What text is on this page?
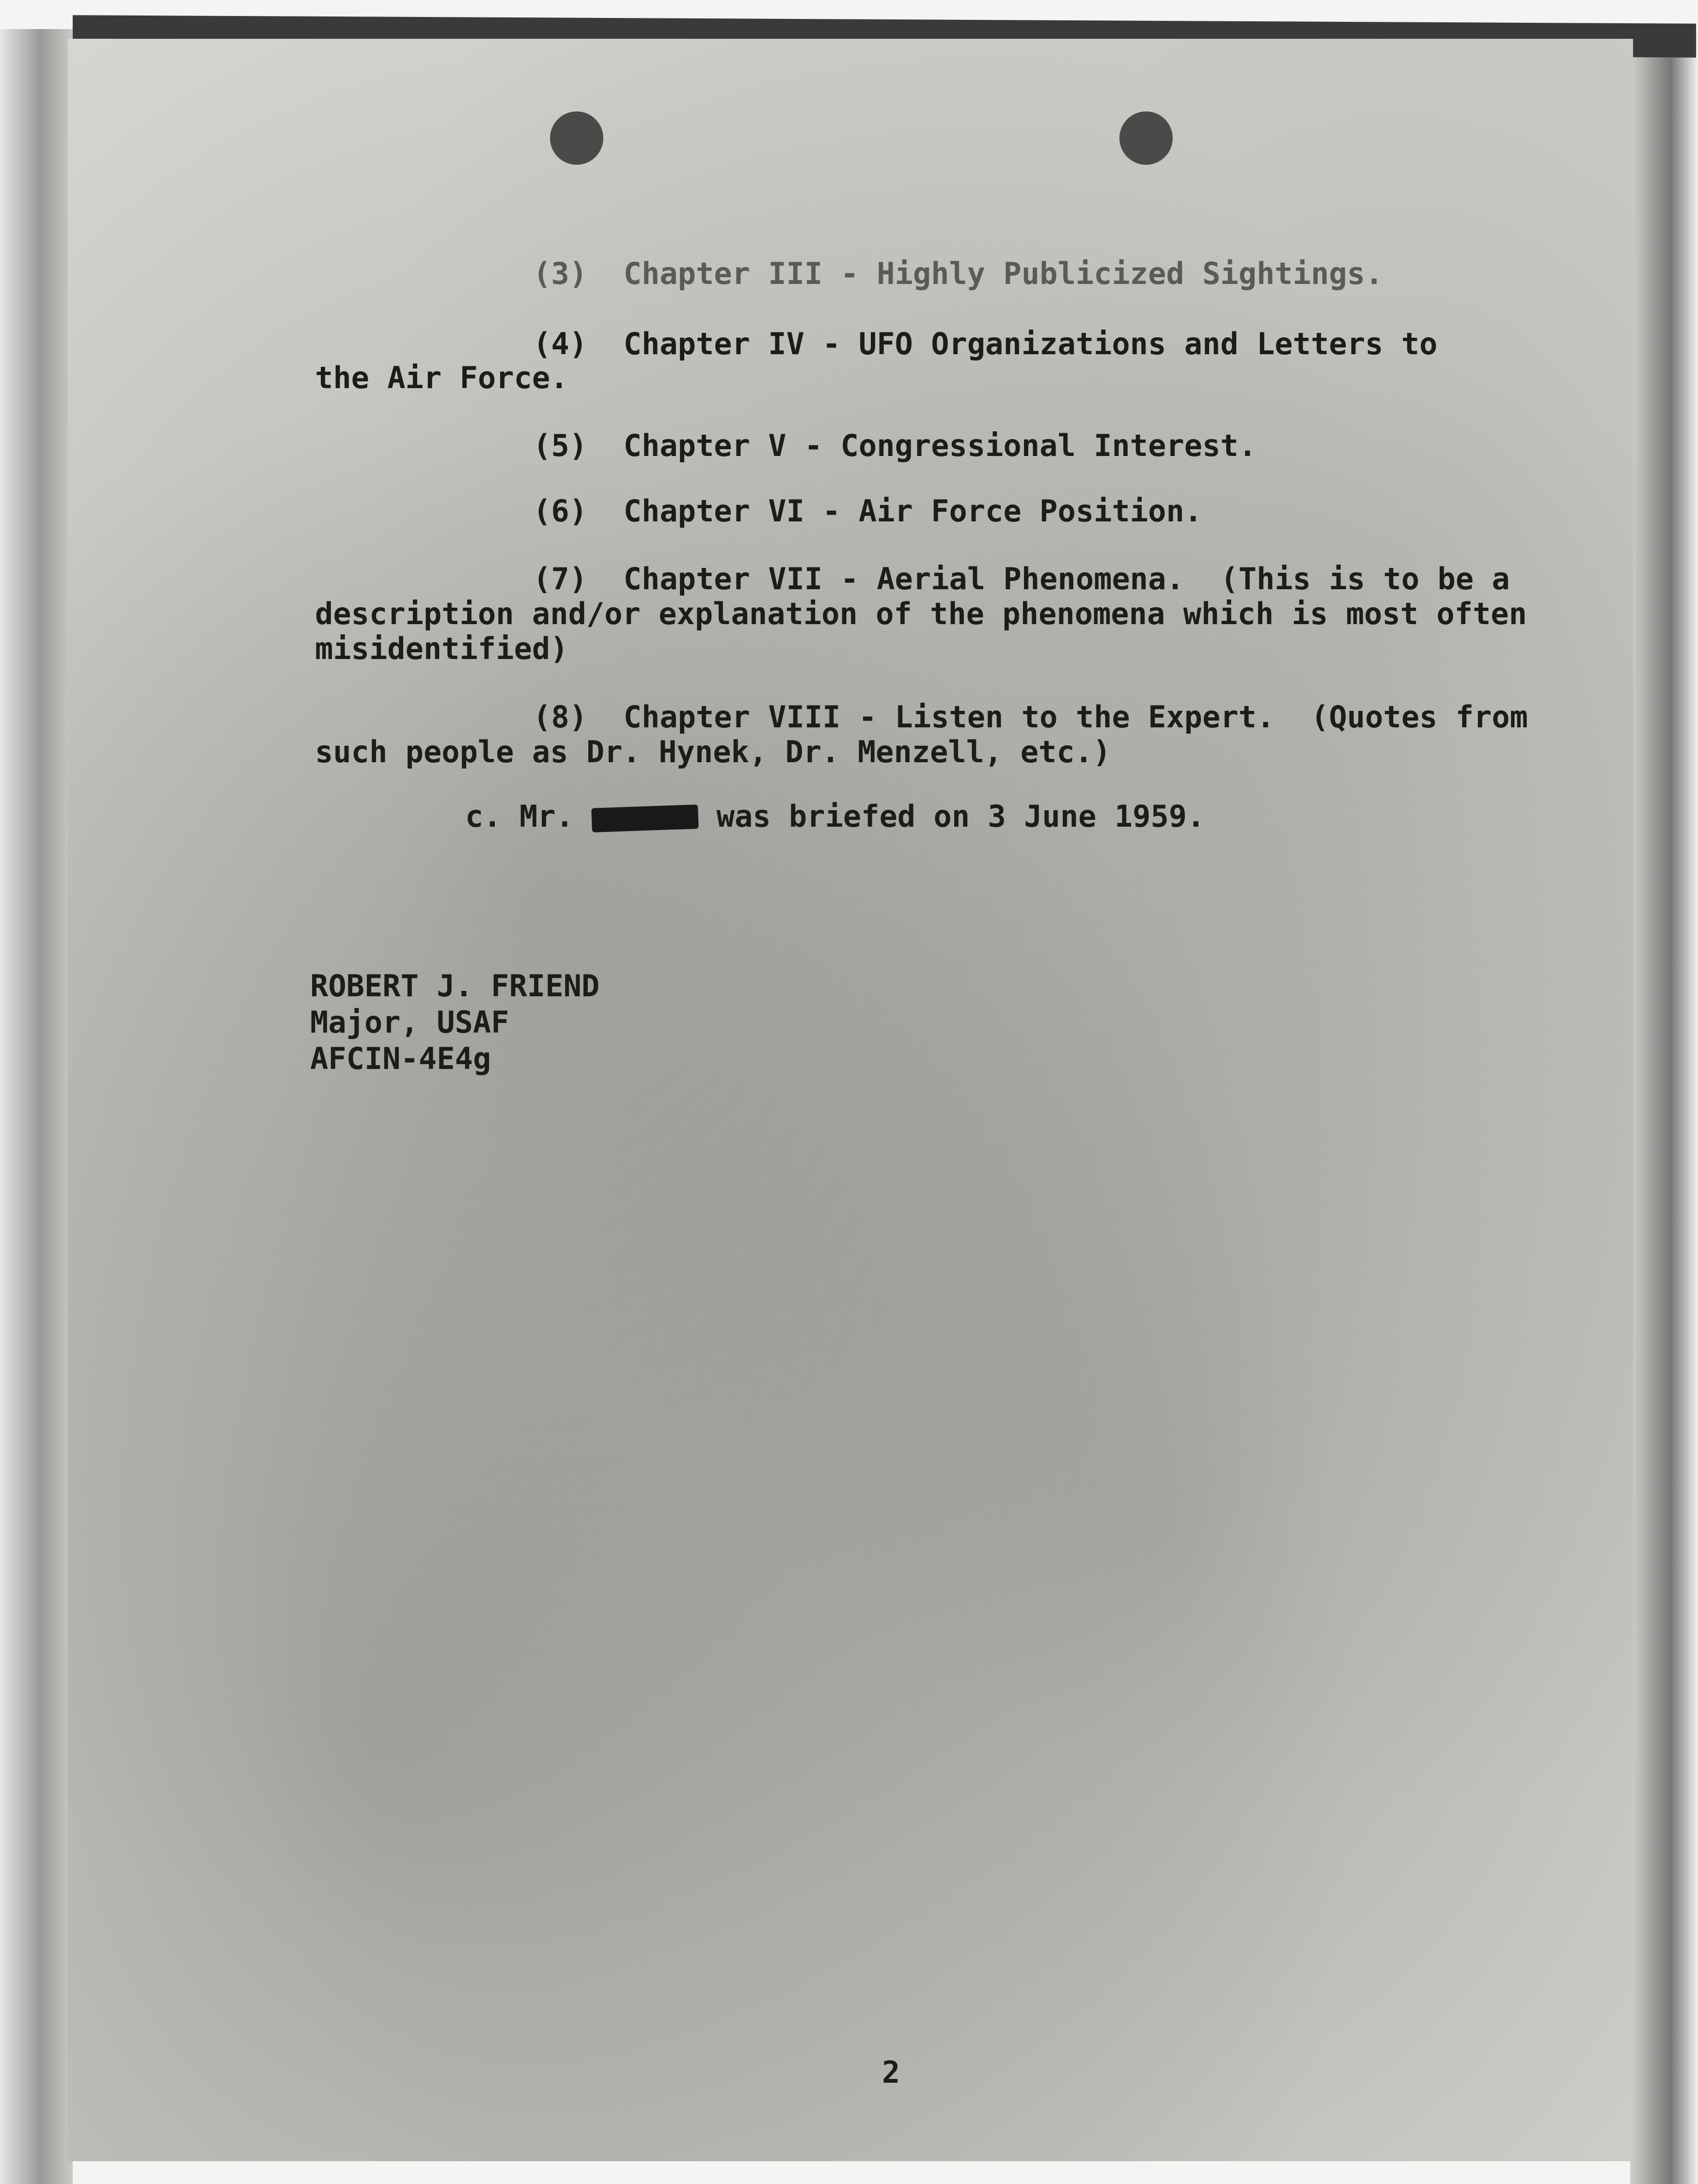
(3) Chapter III - Highly Publicized Sightings.
(4) Chapter IV - UFO Organizations and Letters to
the Air Force.
(5) Chapter V - Congressional Interest.
(6) Chapter VI - Air Force Position.
(7) Chapter VII - Aerial Phenomena.  (This is to be a
description and/or explanation of the phenomena which is most often
misidentified)
(8) Chapter VIII - Listen to the Expert.  (Quotes from
such people as Dr. Hynek, Dr. Menzell, etc.)
c. Mr.	was briefed on 3 June 1959.
ROBERT J. FRIEND
Major, USAF
AFCIN-4E4g
2
